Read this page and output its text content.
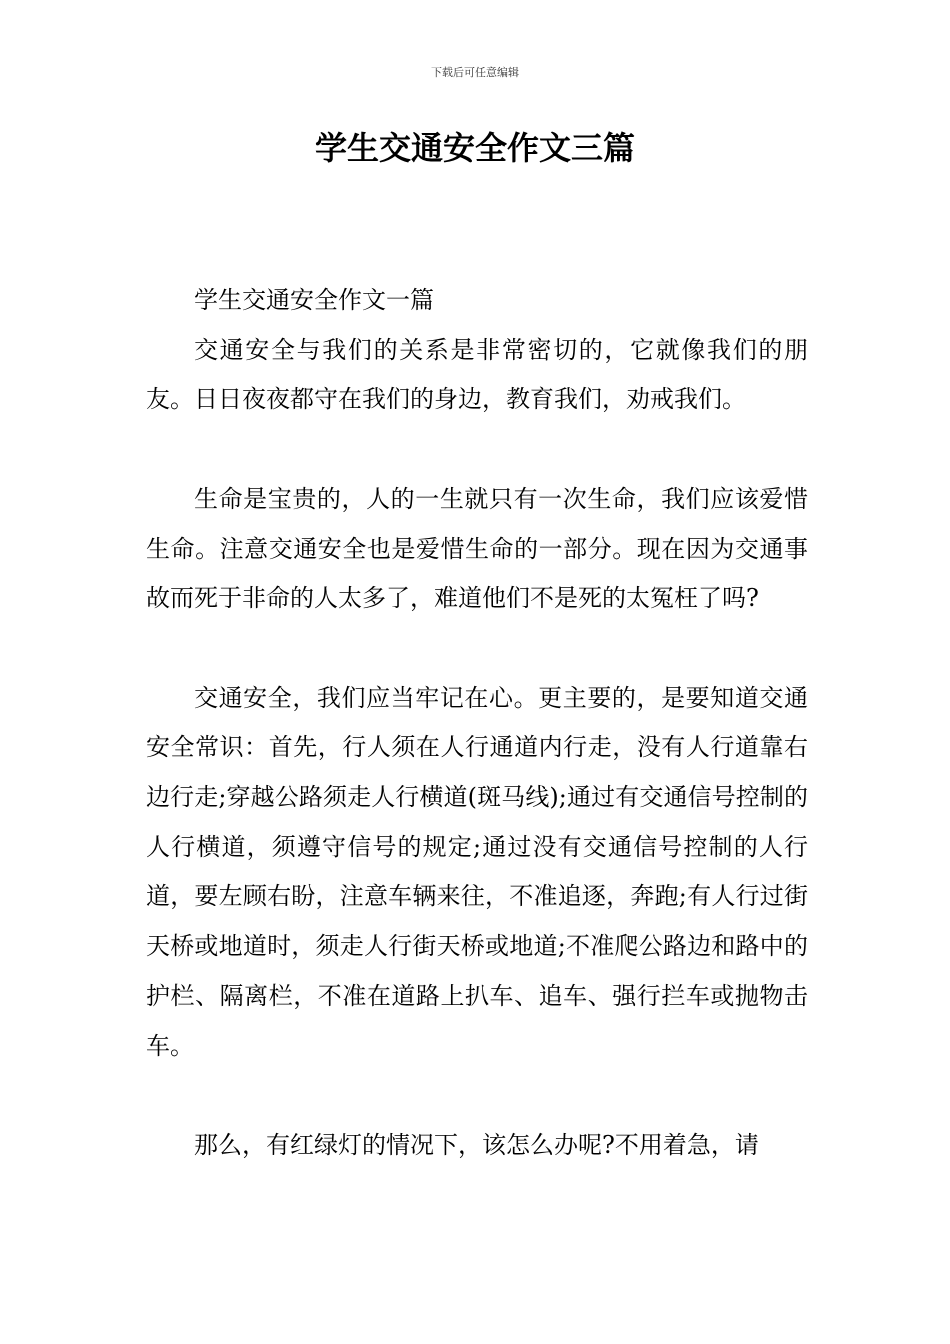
下载后可任意编辑
学生交通安全作文三篇

学生交通安全作文一篇

交通安全与我们的关系是非常密切的，它就像我们的朋友。日日夜夜都守在我们的身边，教育我们，劝戒我们。

生命是宝贵的，人的一生就只有一次生命，我们应该爱惜生命。注意交通安全也是爱惜生命的一部分。现在因为交通事故而死于非命的人太多了，难道他们不是死的太冤枉了吗?

交通安全，我们应当牢记在心。更主要的，是要知道交通安全常识：首先，行人须在人行通道内行走，没有人行道靠右边行走;穿越公路须走人行横道(斑马线);通过有交通信号控制的人行横道，须遵守信号的规定;通过没有交通信号控制的人行道，要左顾右盼，注意车辆来往，不准追逐，奔跑;有人行过街天桥或地道时，须走人行街天桥或地道;不准爬公路边和路中的护栏、隔离栏，不准在道路上扒车、追车、强行拦车或抛物击车。

那么，有红绿灯的情况下，该怎么办呢?不用着急，请
